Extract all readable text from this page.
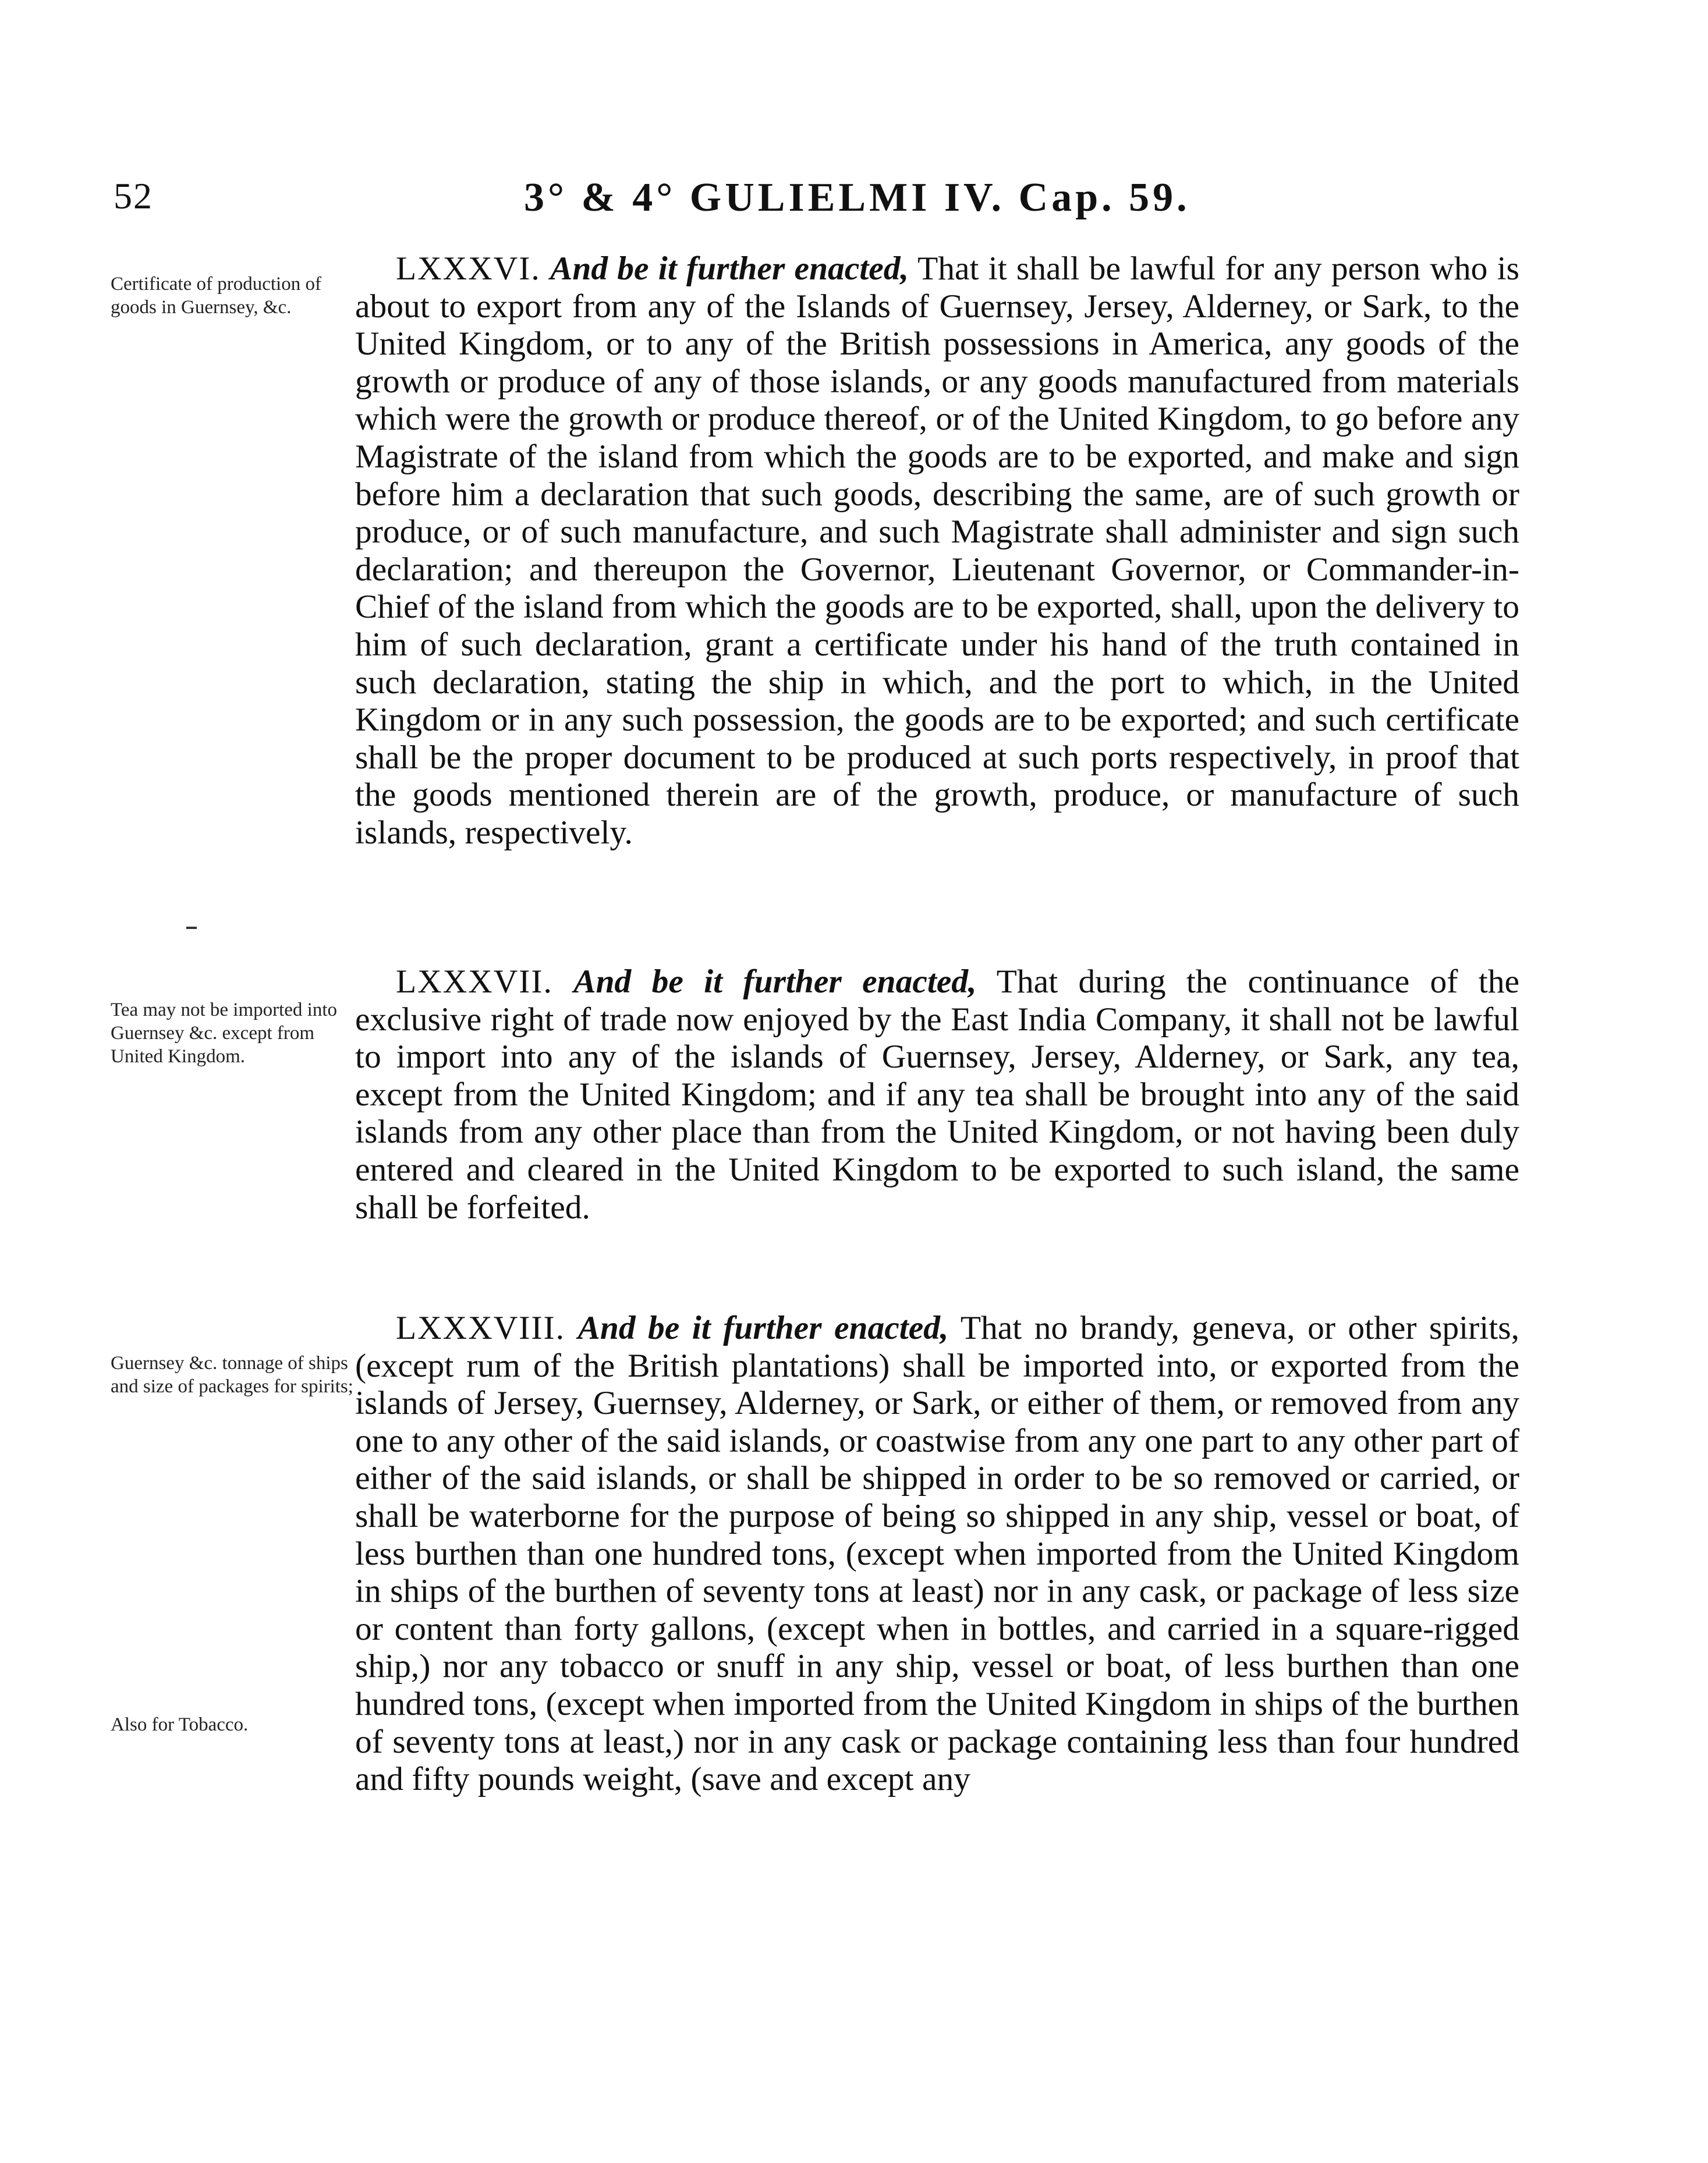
52	3° & 4° GULIELMI IV. Cap. 59.
Certificate of production of goods in Guernsey, &c.
Tea may not be imported into Guernsey &c. except from United Kingdom.
Guernsey &c. tonnage of ships and size of packages for spirits;
Also for Tobacco.

LXXXVI. And be it further enacted, That it shall be lawful for any person who is about to export from any of the Islands of Guernsey, Jersey, Alderney, or Sark, to the United Kingdom, or to any of the British possessions in America, any goods of the growth or produce of any of those islands, or any goods manufactured from materials which were the growth or produce thereof, or of the United Kingdom, to go before any Magistrate of the island from which the goods are to be exported, and make and sign before him a declaration that such goods, describing the same, are of such growth or produce, or of such manufacture, and such Magistrate shall administer and sign such declaration; and thereupon the Governor, Lieutenant Governor, or Commander-in-Chief of the island from which the goods are to be exported, shall, upon the delivery to him of such declaration, grant a certificate under his hand of the truth contained in such declaration, stating the ship in which, and the port to which, in the United Kingdom or in any such possession, the goods are to be exported; and such certificate shall be the proper document to be produced at such ports respectively, in proof that the goods mentioned therein are of the growth, produce, or manufacture of such islands, respectively.

LXXXVII. And be it further enacted, That during the continuance of the exclusive right of trade now enjoyed by the East India Company, it shall not be lawful to import into any of the islands of Guernsey, Jersey, Alderney, or Sark, any tea, except from the United Kingdom; and if any tea shall be brought into any of the said islands from any other place than from the United Kingdom, or not having been duly entered and cleared in the United Kingdom to be exported to such island, the same shall be forfeited.

LXXXVIII. And be it further enacted, That no brandy, geneva, or other spirits, (except rum of the British plantations) shall be imported into, or exported from the islands of Jersey, Guernsey, Alderney, or Sark, or either of them, or removed from any one to any other of the said islands, or coastwise from any one part to any other part of either of the said islands, or shall be shipped in order to be so removed or carried, or shall be waterborne for the purpose of being so shipped in any ship, vessel or boat, of less burthen than one hundred tons, (except when imported from the United Kingdom in ships of the burthen of seventy tons at least) nor in any cask, or package of less size or content than forty gallons, (except when in bottles, and carried in a square-rigged ship,) nor any tobacco or snuff in any ship, vessel or boat, of less burthen than one hundred tons, (except when imported from the United Kingdom in ships of the burthen of seventy tons at least,) nor in any cask or package containing less than four hundred and fifty pounds weight, (save and except any
